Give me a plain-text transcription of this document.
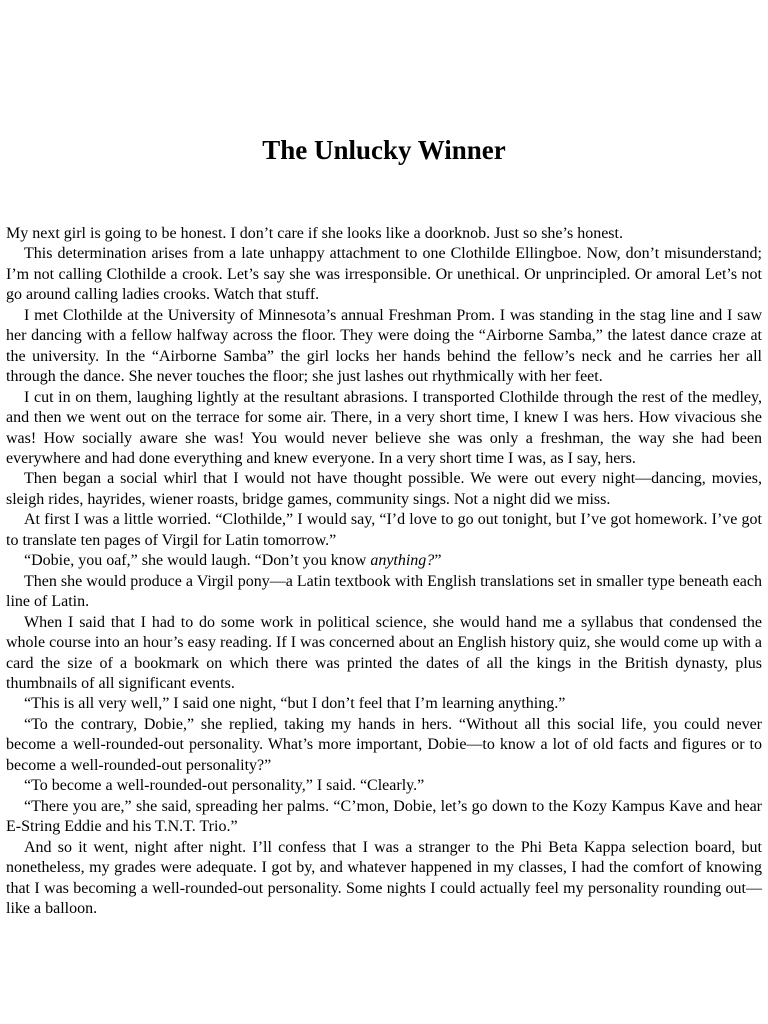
The Unlucky Winner

My next girl is going to be honest. I don’t care if she looks like a doorknob. Just so she’s honest.

This determination arises from a late unhappy attachment to one Clothilde Ellingboe. Now, don’t misunderstand; I’m not calling Clothilde a crook. Let’s say she was irresponsible. Or unethical. Or unprincipled. Or amoral Let’s not go around calling ladies crooks. Watch that stuff.

I met Clothilde at the University of Minnesota’s annual Freshman Prom. I was standing in the stag line and I saw her dancing with a fellow halfway across the floor. They were doing the “Airborne Samba,” the latest dance craze at the university. In the “Airborne Samba” the girl locks her hands behind the fellow’s neck and he carries her all through the dance. She never touches the floor; she just lashes out rhythmically with her feet.

I cut in on them, laughing lightly at the resultant abrasions. I transported Clothilde through the rest of the medley, and then we went out on the terrace for some air. There, in a very short time, I knew I was hers. How vivacious she was! How socially aware she was! You would never believe she was only a freshman, the way she had been everywhere and had done everything and knew everyone. In a very short time I was, as I say, hers.

Then began a social whirl that I would not have thought possible. We were out every night—dancing, movies, sleigh rides, hayrides, wiener roasts, bridge games, community sings. Not a night did we miss.

At first I was a little worried. “Clothilde,” I would say, “I’d love to go out tonight, but I’ve got homework. I’ve got to translate ten pages of Virgil for Latin tomorrow.”

“Dobie, you oaf,” she would laugh. “Don’t you know anything?”

Then she would produce a Virgil pony—a Latin textbook with English translations set in smaller type beneath each line of Latin.

When I said that I had to do some work in political science, she would hand me a syllabus that condensed the whole course into an hour’s easy reading. If I was concerned about an English history quiz, she would come up with a card the size of a bookmark on which there was printed the dates of all the kings in the British dynasty, plus thumbnails of all significant events.

“This is all very well,” I said one night, “but I don’t feel that I’m learning anything.”

“To the contrary, Dobie,” she replied, taking my hands in hers. “Without all this social life, you could never become a well-rounded-out personality. What’s more important, Dobie—to know a lot of old facts and figures or to become a well-rounded-out personality?”

“To become a well-rounded-out personality,” I said. “Clearly.”

“There you are,” she said, spreading her palms. “C’mon, Dobie, let’s go down to the Kozy Kampus Kave and hear E-String Eddie and his T.N.T. Trio.”

And so it went, night after night. I’ll confess that I was a stranger to the Phi Beta Kappa selection board, but nonetheless, my grades were adequate. I got by, and whatever happened in my classes, I had the comfort of knowing that I was becoming a well-rounded-out personality. Some nights I could actually feel my personality rounding out—like a balloon.
